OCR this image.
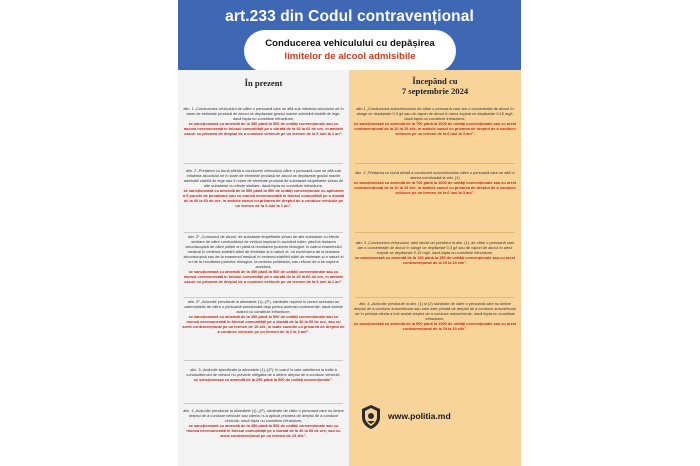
art.233 din Codul contravențional
Conducerea vehiculului cu depășirea
limitelor de alcool admisibile
În prezent	Începând cu
7 septembrie 2024
alin. 1 „Conducerea vehiculului de către o persoană care se află sub influența alcoolului ori în stare de ebrietate produsă de alcool ce depășește gradul maxim admisibil stabilit de lege, dacă fapta nu constituie infracțiune,
se sancționează cu amendă de la 350 până la 500 de unități convenționale sau cu muncă neremunerată în folosul comunității pe o durată de la 40 la 60 de ore, în ambele cazuri cu privarea de dreptul de a conduce vehicule pe un termen de la 6 luni la 1 an”.
alin. 2 „Predarea cu bună știință a conducerii vehiculului către o persoană care se află sub influența alcoolului ori în stare de ebrietate produsă de alcool ce depășește gradul maxim admisibil stabilit de lege sau în stare de ebrietate produsă de substanțe stupefiante și/sau de alte substanțe cu efecte similare, dacă fapta nu constituie infracțiune,
se sancționează cu amendă de la 350 până la 500 de unități convenționale cu aplicarea a 5 puncte de penalizare sau cu muncă neremunerată în folosul comunității pe o durată de la 40 la 60 de ore, în ambele cazuri cu privarea de dreptul de a conduce vehicule pe un termen de la 6 luni la 1 an”.
alin. 2¹ „Consumul de alcool, de substanțe stupefiante și/sau de alte substanțe cu efecte similare de către conducătorul de vehicul implicat în accident rutier, până la testarea alcoolscopică de către poliție ori până la recoltarea probelor biologice în cadrul examenului medical în vederea stabilirii stării de ebrietate și a naturii ei, ori eschivarea de la testarea alcoolscopică sau de la examenul medical în vederea stabilirii stării de ebrietate și a naturii ei ori de la recoltarea probelor biologice, la cererea polițistului, sau refuzul de a se supune acestora,
se sancționează cu amendă de la 450 până la 500 de unități convenționale sau cu muncă neremunerată în folosul comunității pe o durată de la 40 la 60 de ore, în ambele cazuri cu privarea de dreptul de a conduce vehicule pe un termen de la 6 luni la 1 an”.
alin. 2² „Acțiunile prevăzute la alineatele (1)–(2¹), săvârșite repetat în cursul aceluiași an calendaristic de către o persoană sancționată deja pentru aceeași contravenție, dacă aceste acțiuni nu constituie infracțiune,
se sancționează cu amendă de la 450 până la 500 de unități convenționale sau cu muncă neremunerată în folosul comunității pe o durată de la 40 la 60 de ore, sau cu arest contravențional pe un termen de 15 zile, în toate cazurile cu privarea de dreptul de a conduce vehicule pe un termen de la 2 la 3 ani”.
alin. 3 „Acțiunile specificate la alineatele (1)–(2²), în cazul în care admiterea la trafic a conducătorului de vehicul nu prevede obligația de a deține dreptul de a conduce vehicule,
se sancționează cu amendă de la 250 până la 500 de unități convenționale”.
alin. 4 „Acțiunile prevăzute la alineatele (1)–(2²), săvârșite de către o persoană care nu deține dreptul de a conduce vehicule sau căreia i s-a aplicat privarea de dreptul de a conduce vehicule, dacă fapta nu constituie infracțiune,
se sancționează cu amendă de la 450 până la 500 de unități convenționale sau cu muncă neremunerată în folosul comunității pe o durată de la 40 la 60 de ore, sau cu arest contravențional pe un termen de 15 zile”.
alin.1 „Conducerea autovehiculului de către o persoană care are o concentrație de alcool în sânge ce depășește 0,3 g/l sau de vapori de alcool în aerul expirat ce depășește 0,15 mg/l, dacă fapta nu constituie infracțiune,
se sancționează cu amendă de la 700 până la 1000 de unități convenționale sau cu arest contravențional de la 10 la 15 zile, în ambele cazuri cu privarea de dreptul de a conduce vehicule pe un termen de la 6 luni la 3 ani”.
alin. 2 „Predarea cu bună știință a conducerii autovehiculului către o persoană care se află în starea menționată la alin. (1)
se sancționează cu amendă de la 700 până la 1000 de unități convenționale sau cu arest contravențional de la 10 la 15 zile, în ambele cazuri cu privarea de dreptul de a conduce vehicule pe un termen de la 6 luni la 3 ani”.
alin. 3 „Conducerea vehiculului, altul decât cel prevăzut la alin. (1), de către o persoană care are o concentrație de alcool în sânge ce depășește 0,3 g/l sau de vapori de alcool în aerul expirat ce depășește 0,15 mg/l, dacă fapta nu constituie infracțiune,
se sancționează cu amendă de la 100 până la 250 de unități convenționale sau cu arest contravențional de la 10 la 15 zile”.
alin. 4 „Acțiunile prevăzute la alin. (1) și (2) săvârșite de către o persoană care nu deține dreptul de a conduce autovehicule sau care este privată de dreptul de a conduce autovehicule ori în privința căreia a fost anulat dreptul de a conduce autovehicule, dacă fapta nu constituie infracțiune,
se sancționează cu amendă de la 900 până la 1300 de unități convenționale sau cu arest contravențional de la 10 la 15 zile”.
www.politia.md
